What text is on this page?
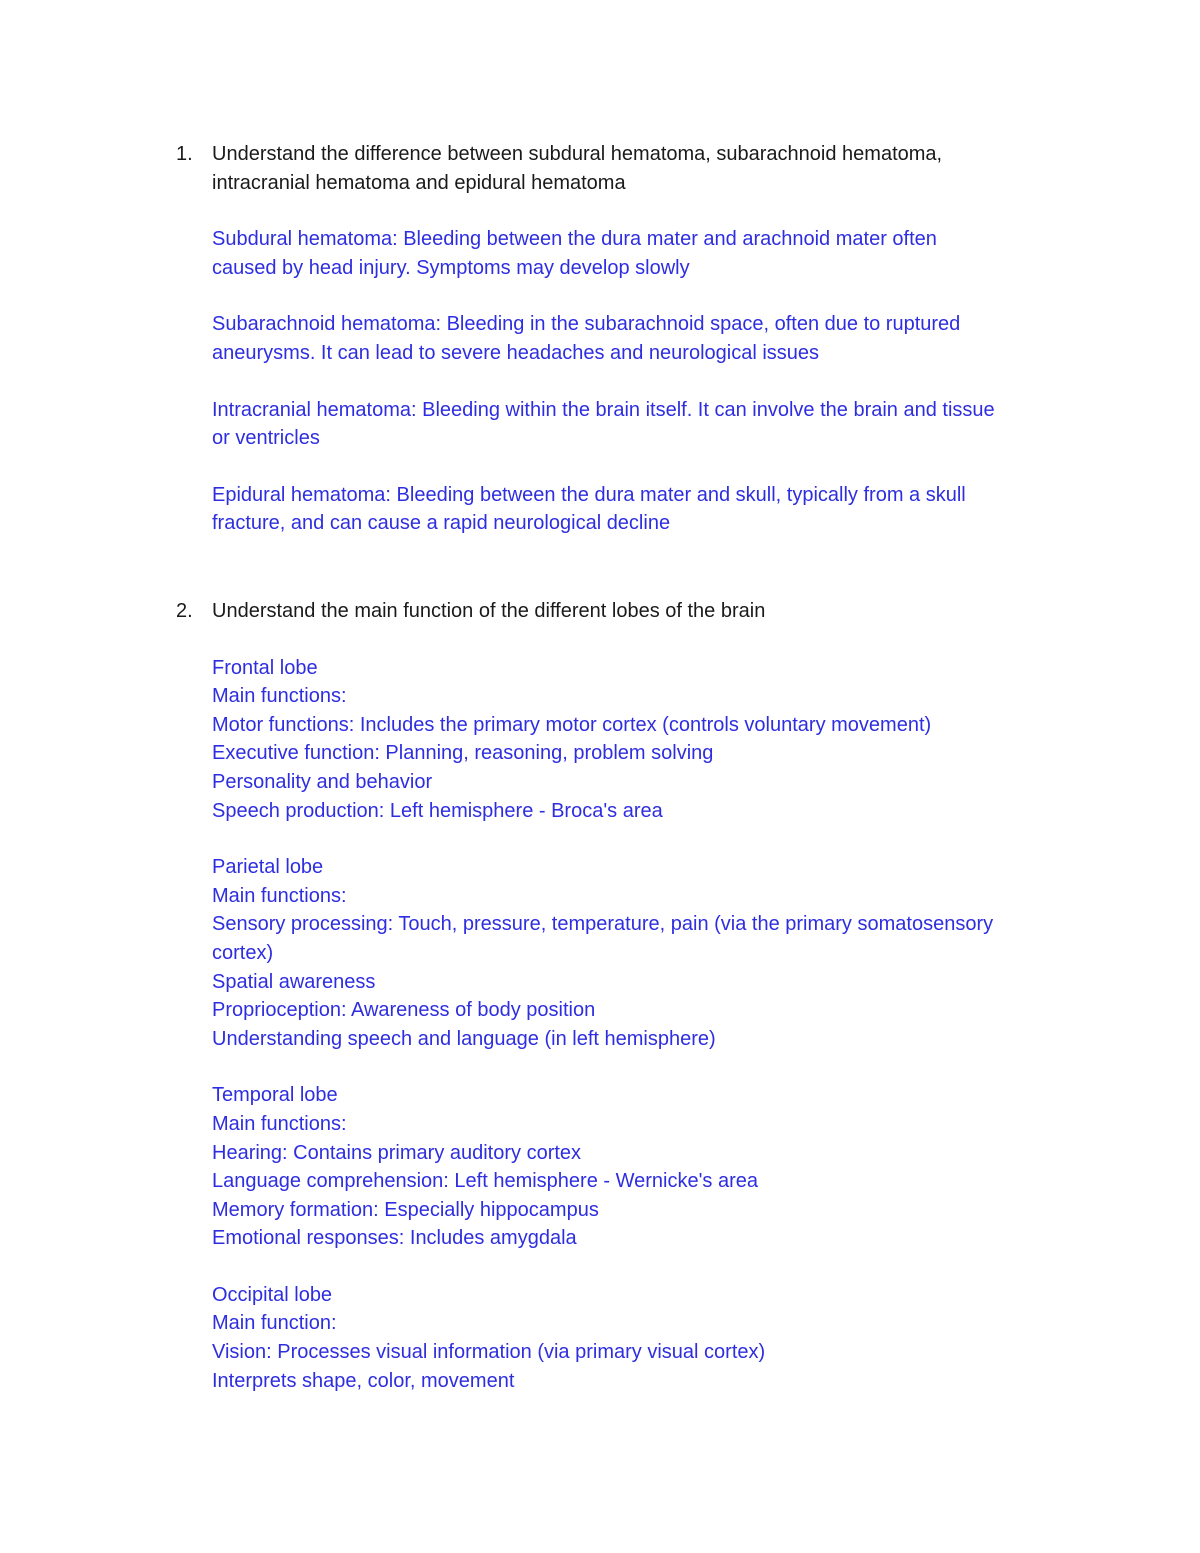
1. Understand the difference between subdural hematoma, subarachnoid hematoma,
intracranial hematoma and epidural hematoma
Subdural hematoma: Bleeding between the dura mater and arachnoid mater often
caused by head injury. Symptoms may develop slowly
Subarachnoid hematoma: Bleeding in the subarachnoid space, often due to ruptured
aneurysms. It can lead to severe headaches and neurological issues
Intracranial hematoma: Bleeding within the brain itself. It can involve the brain and tissue
or ventricles
Epidural hematoma: Bleeding between the dura mater and skull, typically from a skull
fracture, and can cause a rapid neurological decline
2. Understand the main function of the different lobes of the brain
Frontal lobe
Main functions:
Motor functions: Includes the primary motor cortex (controls voluntary movement)
Executive function: Planning, reasoning, problem solving
Personality and behavior
Speech production: Left hemisphere - Broca's area
Parietal lobe
Main functions:
Sensory processing: Touch, pressure, temperature, pain (via the primary somatosensory
cortex)
Spatial awareness
Proprioception: Awareness of body position
Understanding speech and language (in left hemisphere)
Temporal lobe
Main functions:
Hearing: Contains primary auditory cortex
Language comprehension: Left hemisphere - Wernicke's area
Memory formation: Especially hippocampus
Emotional responses: Includes amygdala
Occipital lobe
Main function:
Vision: Processes visual information (via primary visual cortex)
Interprets shape, color, movement
